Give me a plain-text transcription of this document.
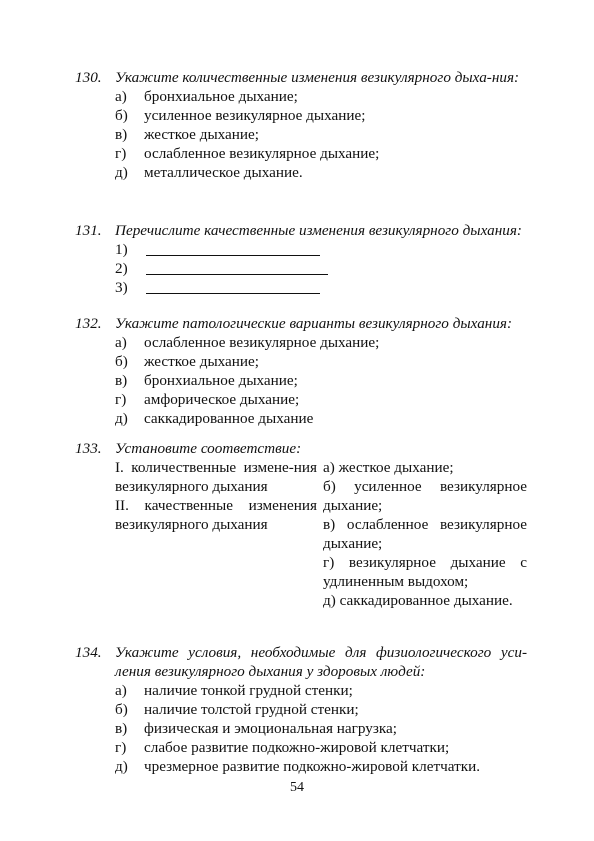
130. Укажите количественные изменения везикулярного дыха-ния:
а) бронхиальное дыхание;
б) усиленное везикулярное дыхание;
в) жесткое дыхание;
г) ослабленное везикулярное дыхание;
д) металлическое дыхание.
131. Перечислите качественные изменения везикулярного дыхания:
1)
2)
3)
132. Укажите патологические варианты везикулярного дыхания:
а) ослабленное везикулярное дыхание;
б) жесткое дыхание;
в) бронхиальное дыхание;
г) амфорическое дыхание;
д) саккадированное дыхание
133. Установите соответствие:
I. количественные измене-ния везикулярного дыхания
II. качественные изменения везикулярного дыхания
а) жесткое дыхание;
б) усиленное везикулярное дыхание;
в) ослабленное везикулярное дыхание;
г) везикулярное дыхание с удлиненным выдохом;
д) саккадированное дыхание.
134. Укажите условия, необходимые для физиологического уси-ления везикулярного дыхания у здоровых людей:
а) наличие тонкой грудной стенки;
б) наличие толстой грудной стенки;
в) физическая и эмоциональная нагрузка;
г) слабое развитие подкожно-жировой клетчатки;
д) чрезмерное развитие подкожно-жировой клетчатки.
54
